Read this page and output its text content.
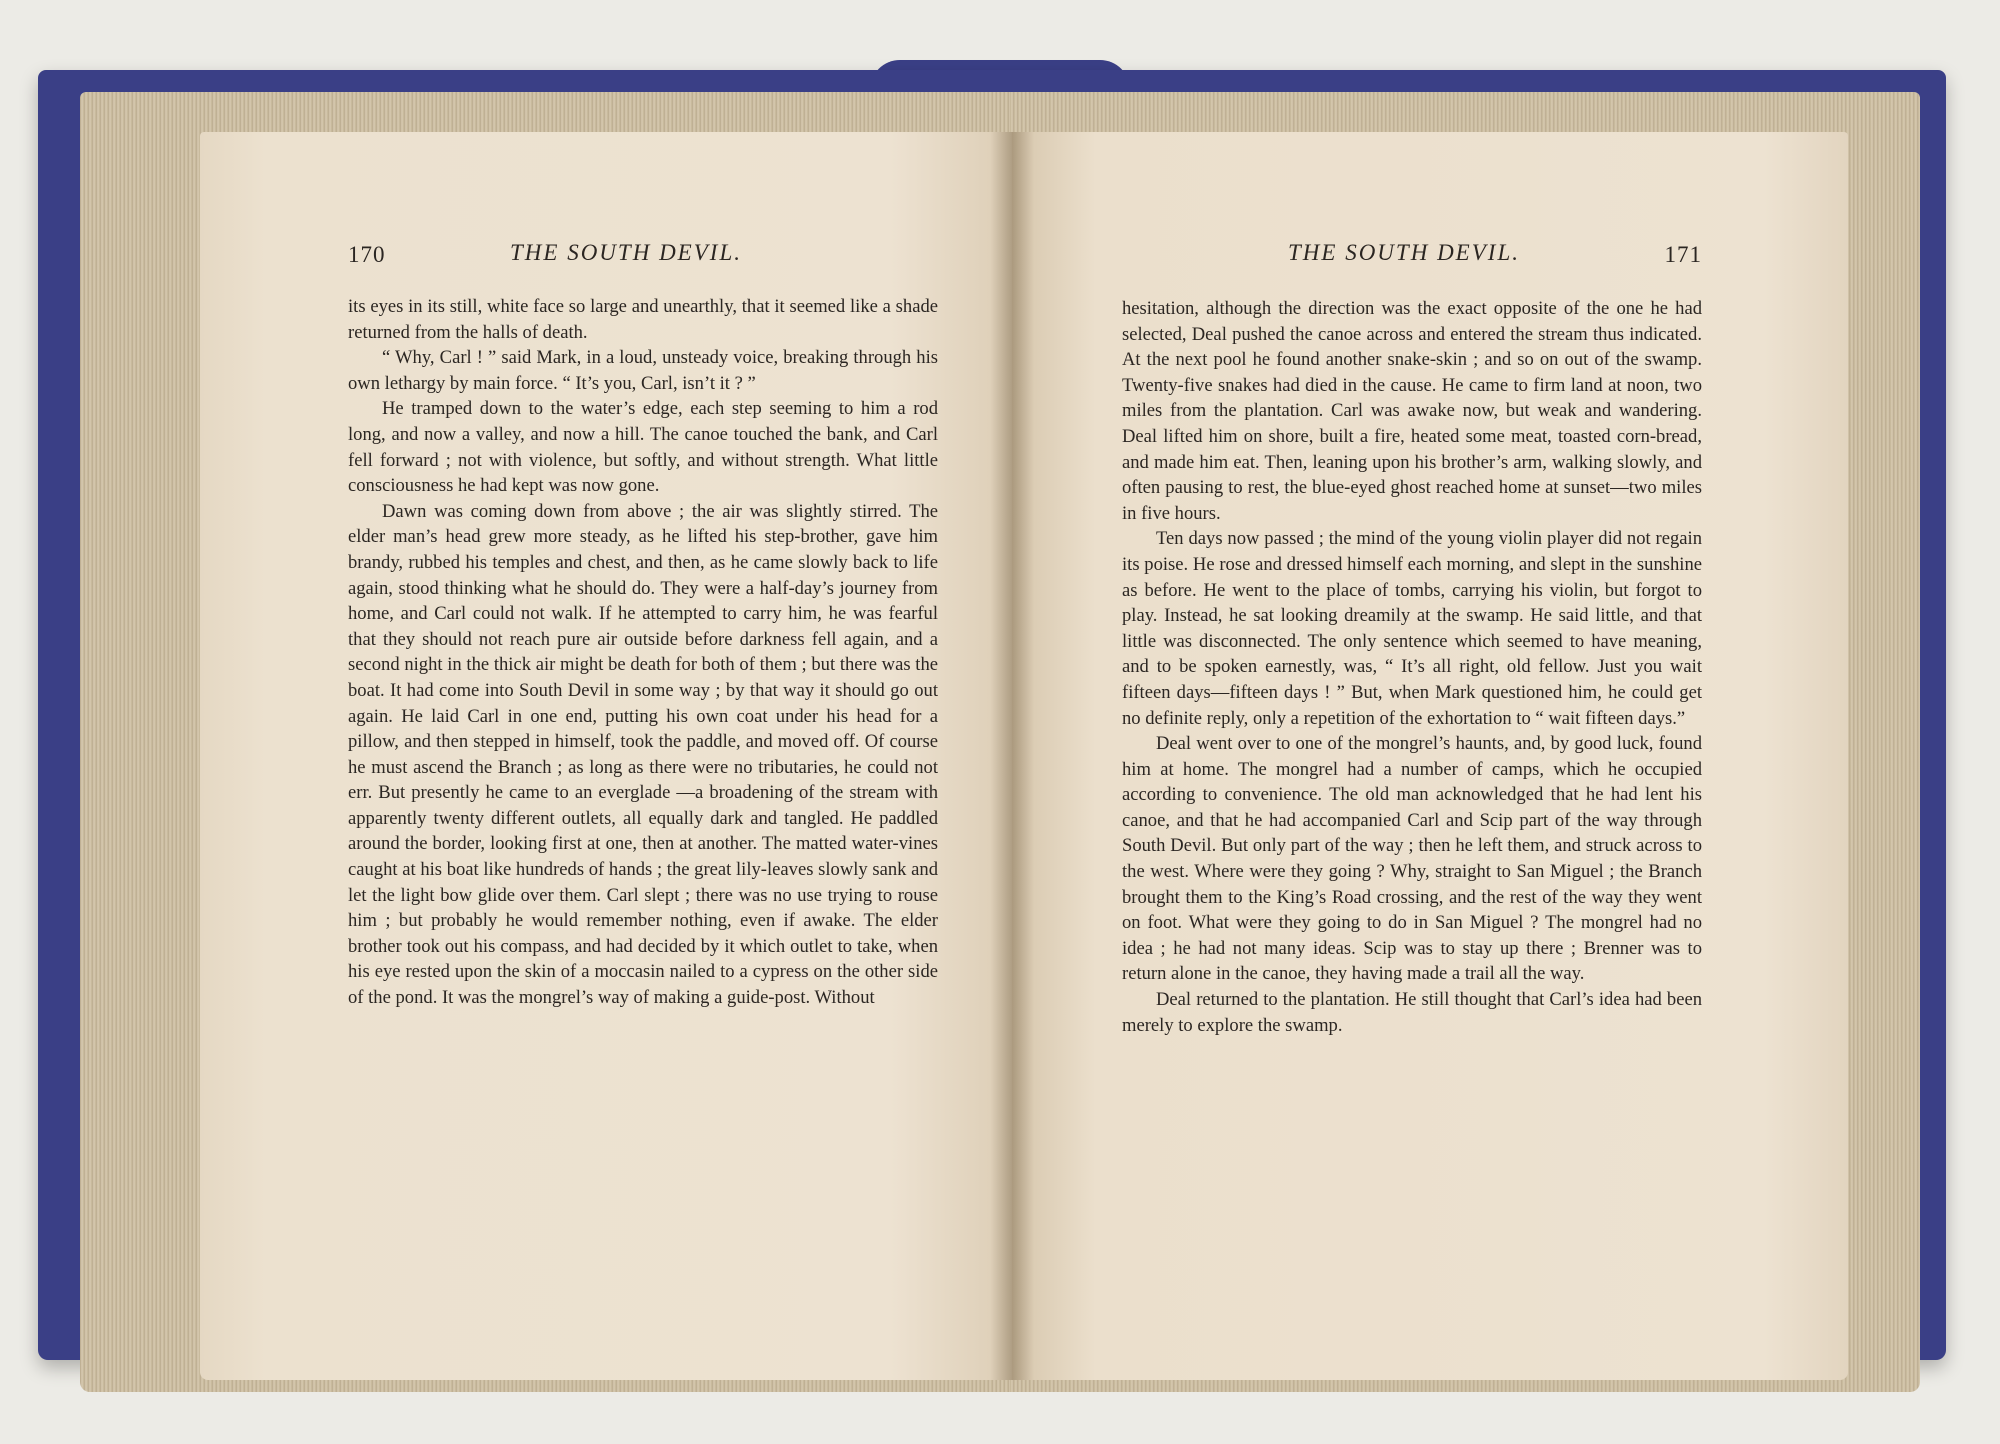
170	THE SOUTH DEVIL.	THE SOUTH DEVIL.	171

its eyes in its still, white face so large and unearthly, that it seemed like a shade returned from the halls of death.

“ Why, Carl ! ” said Mark, in a loud, unsteady voice, breaking through his own lethargy by main force. “ It’s you, Carl, isn’t it ? ”

He tramped down to the water’s edge, each step seeming to him a rod long, and now a valley, and now a hill. The canoe touched the bank, and Carl fell forward ; not with violence, but softly, and without strength. What little consciousness he had kept was now gone.

Dawn was coming down from above ; the air was slightly stirred. The elder man’s head grew more steady, as he lifted his step-brother, gave him brandy, rubbed his temples and chest, and then, as he came slowly back to life again, stood thinking what he should do. They were a half-day’s journey from home, and Carl could not walk. If he attempted to carry him, he was fearful that they should not reach pure air outside before darkness fell again, and a second night in the thick air might be death for both of them ; but there was the boat. It had come into South Devil in some way ; by that way it should go out again. He laid Carl in one end, putting his own coat under his head for a pillow, and then stepped in himself, took the paddle, and moved off. Of course he must ascend the Branch ; as long as there were no tributaries, he could not err. But presently he came to an everglade —a broadening of the stream with apparently twenty different outlets, all equally dark and tangled. He paddled around the border, looking first at one, then at another. The matted water-vines caught at his boat like hundreds of hands ; the great lily-leaves slowly sank and let the light bow glide over them. Carl slept ; there was no use trying to rouse him ; but probably he would remember nothing, even if awake. The elder brother took out his compass, and had decided by it which outlet to take, when his eye rested upon the skin of a moccasin nailed to a cypress on the other side of the pond. It was the mongrel’s way of making a guide-post. Without

hesitation, although the direction was the exact opposite of the one he had selected, Deal pushed the canoe across and entered the stream thus indicated. At the next pool he found another snake-skin ; and so on out of the swamp. Twenty-five snakes had died in the cause. He came to firm land at noon, two miles from the plantation. Carl was awake now, but weak and wandering. Deal lifted him on shore, built a fire, heated some meat, toasted corn-bread, and made him eat. Then, leaning upon his brother’s arm, walking slowly, and often pausing to rest, the blue-eyed ghost reached home at sunset—two miles in five hours.

Ten days now passed ; the mind of the young violin player did not regain its poise. He rose and dressed himself each morning, and slept in the sunshine as before. He went to the place of tombs, carrying his violin, but forgot to play. Instead, he sat looking dreamily at the swamp. He said little, and that little was disconnected. The only sentence which seemed to have meaning, and to be spoken earnestly, was, “ It’s all right, old fellow. Just you wait fifteen days—fifteen days ! ” But, when Mark questioned him, he could get no definite reply, only a repetition of the exhortation to “ wait fifteen days.”

Deal went over to one of the mongrel’s haunts, and, by good luck, found him at home. The mongrel had a number of camps, which he occupied according to convenience. The old man acknowledged that he had lent his canoe, and that he had accompanied Carl and Scip part of the way through South Devil. But only part of the way ; then he left them, and struck across to the west. Where were they going ? Why, straight to San Miguel ; the Branch brought them to the King’s Road crossing, and the rest of the way they went on foot. What were they going to do in San Miguel ? The mongrel had no idea ; he had not many ideas. Scip was to stay up there ; Brenner was to return alone in the canoe, they having made a trail all the way.

Deal returned to the plantation. He still thought that Carl’s idea had been merely to explore the swamp.
